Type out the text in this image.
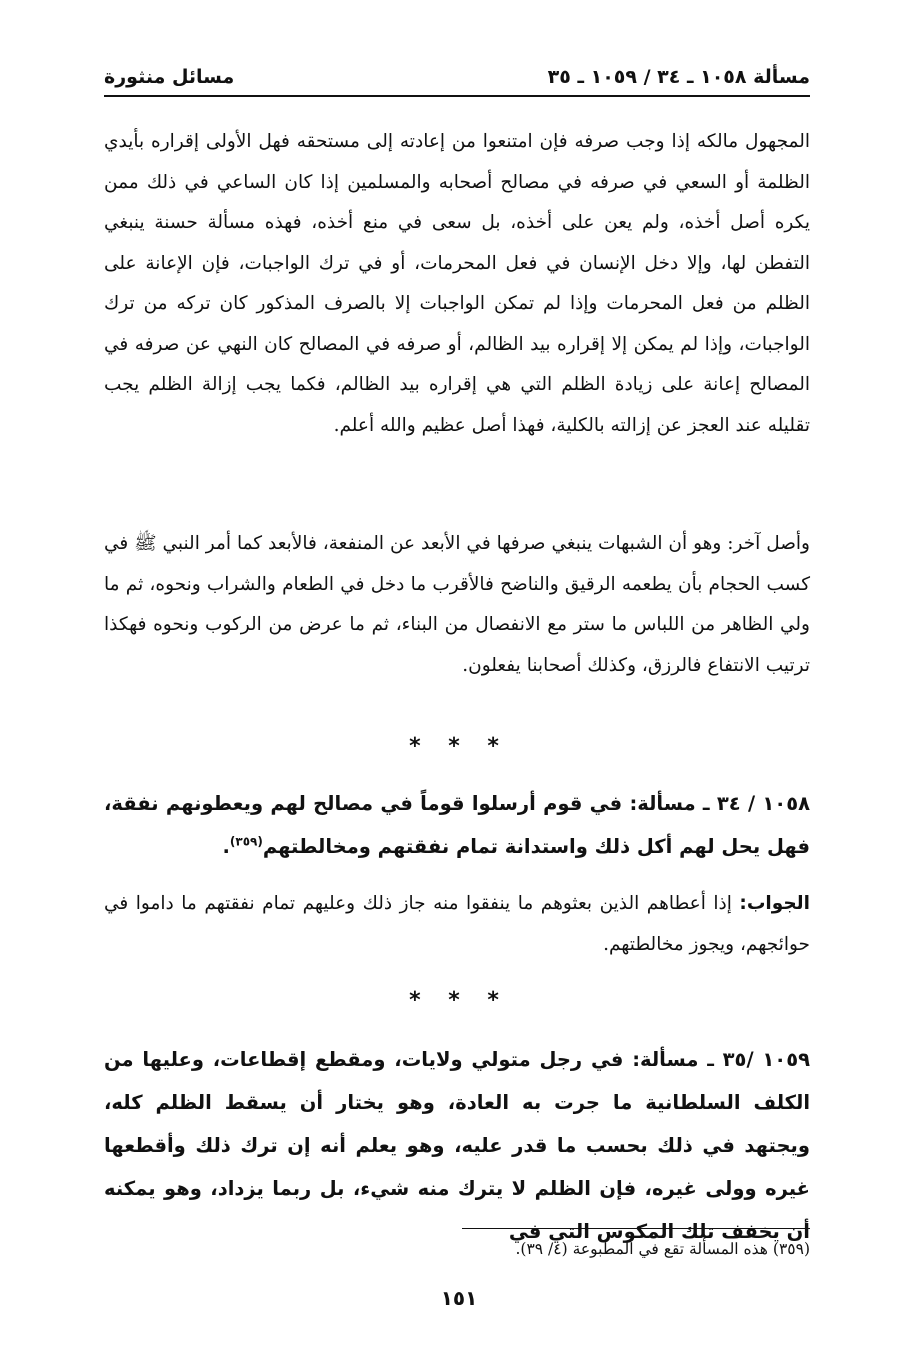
مسألة ١٠٥٨ ـ ٣٤ / ١٠٥٩ ـ ٣٥
مسائل منثورة
المجهول مالكه إذا وجب صرفه فإن امتنعوا من إعادته إلى مستحقه فهل الأولى إقراره بأيدي الظلمة أو السعي في صرفه في مصالح أصحابه والمسلمين إذا كان الساعي في ذلك ممن يكره أصل أخذه، ولم يعن على أخذه، بل سعى في منع أخذه، فهذه مسألة حسنة ينبغي التفطن لها، وإلا دخل الإنسان في فعل المحرمات، أو في ترك الواجبات، فإن الإعانة على الظلم من فعل المحرمات وإذا لم تمكن الواجبات إلا بالصرف المذكور كان تركه من ترك الواجبات، وإذا لم يمكن إلا إقراره بيد الظالم، أو صرفه في المصالح كان النهي عن صرفه في المصالح إعانة على زيادة الظلم التي هي إقراره بيد الظالم، فكما يجب إزالة الظلم يجب تقليله عند العجز عن إزالته بالكلية، فهذا أصل عظيم والله أعلم.
وأصل آخر: وهو أن الشبهات ينبغي صرفها في الأبعد عن المنفعة، فالأبعد كما أمر النبي ﷺ في كسب الحجام بأن يطعمه الرقيق والناضح فالأقرب ما دخل في الطعام والشراب ونحوه، ثم ما ولي الظاهر من اللباس ما ستر مع الانفصال من البناء، ثم ما عرض من الركوب ونحوه فهكذا ترتيب الانتفاع فالرزق، وكذلك أصحابنا يفعلون.
* * *
١٠٥٨ / ٣٤ ـ مسألة: في قوم أرسلوا قوماً في مصالح لهم ويعطونهم نفقة، فهل يحل لهم أكل ذلك واستدانة تمام نفقتهم ومخالطتهم$^{(٣٥٩)}$.
الجواب: إذا أعطاهم الذين بعثوهم ما ينفقوا منه جاز ذلك وعليهم تمام نفقتهم ما داموا في حوائجهم، ويجوز مخالطتهم.
* * *
١٠٥٩ /٣٥ ـ مسألة: في رجل متولي ولايات، ومقطع إقطاعات، وعليها من الكلف السلطانية ما جرت به العادة، وهو يختار أن يسقط الظلم كله، ويجتهد في ذلك بحسب ما قدر عليه، وهو يعلم أنه إن ترك ذلك وأقطعها غيره وولى غيره، فإن الظلم لا يترك منه شيء، بل ربما يزداد، وهو يمكنه أن يخفف تلك المكوس التي في
(٣٥٩) هذه المسألة تقع في المطبوعة (٤/ ٣٩).
١٥١
